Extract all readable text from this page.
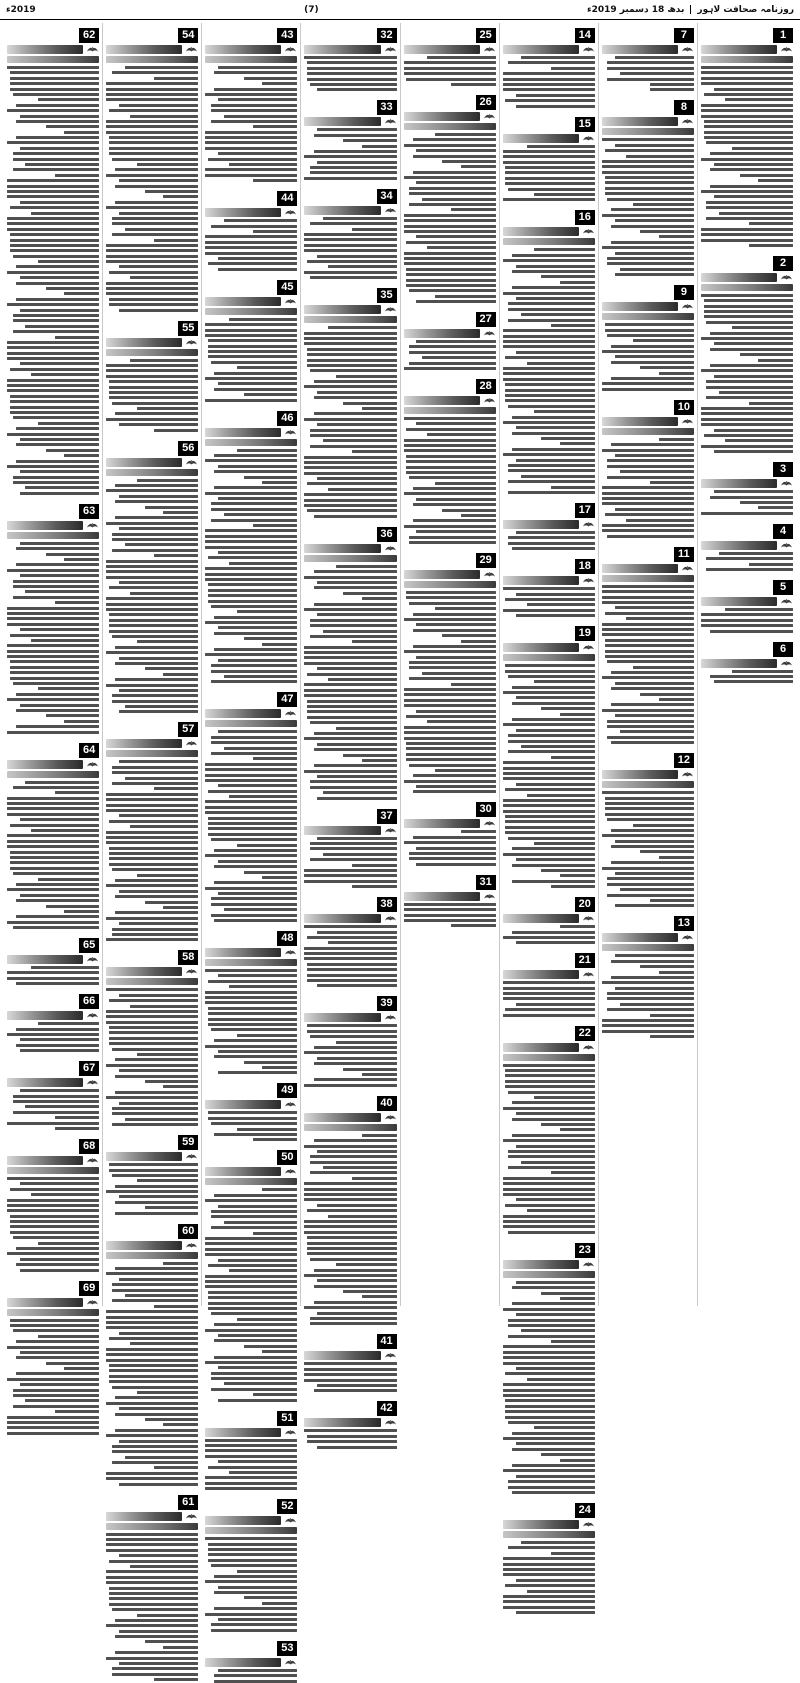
روزنامہ صحافت لاہور
بدھ 18 دسمبر 2019ء
(7)
2019ء
1
2
3
4
5
6
7
8
9
10
11
12
13
14
15
16
17
18
19
20
21
22
23
24
25
26
27
28
29
30
31
32
33
34
35
36
37
38
39
40
41
42
43
44
45
46
47
48
49
50
51
52
53
54
55
56
57
58
59
60
61
62
63
64
65
66
67
68
69
